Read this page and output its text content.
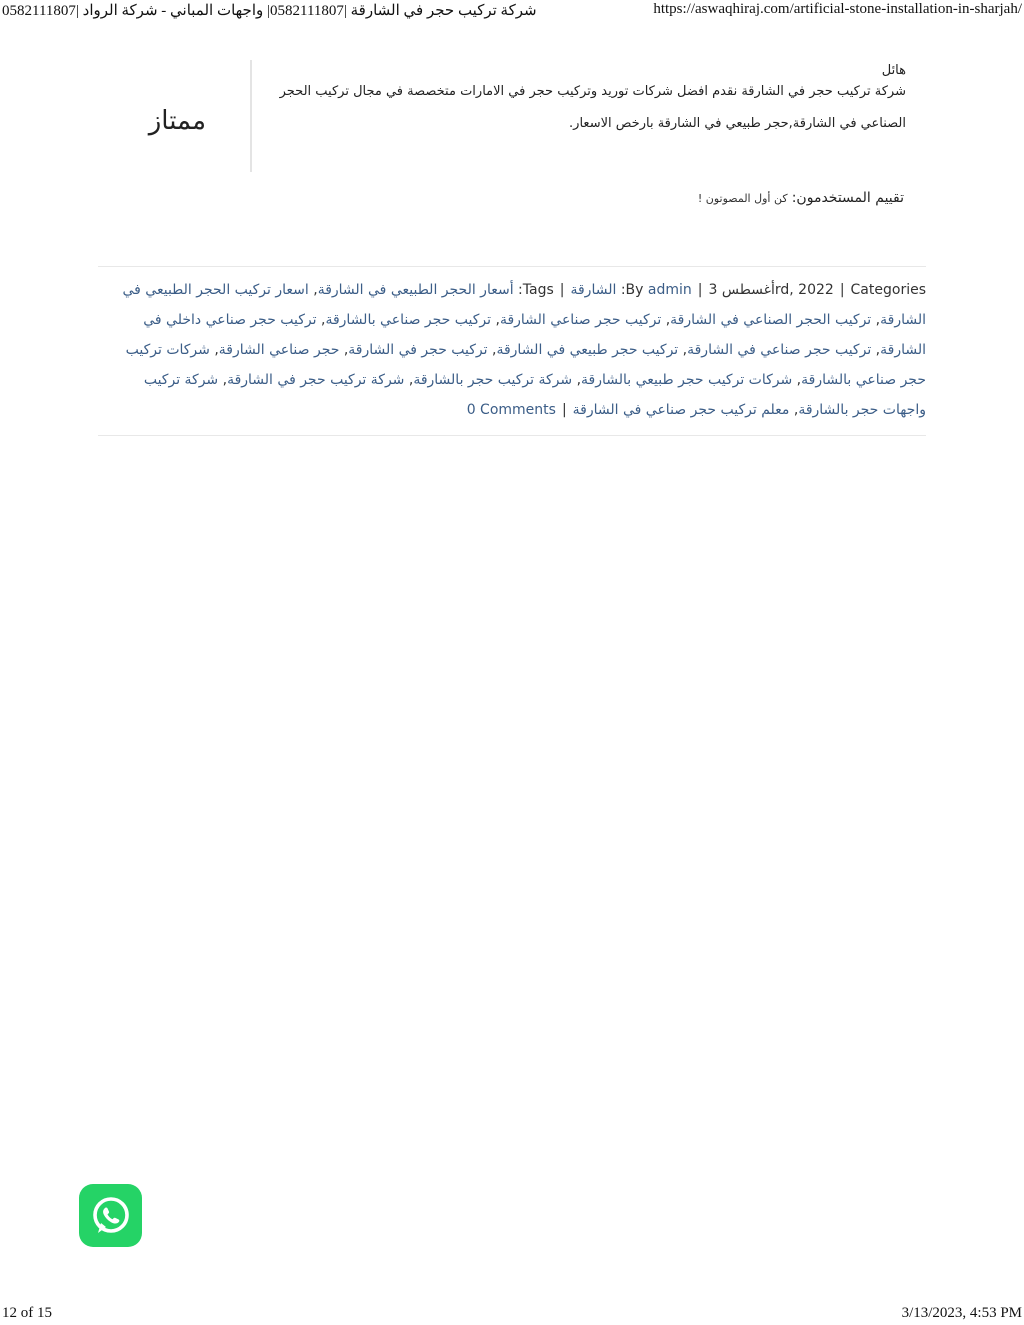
شركة تركيب حجر في الشارقة |0582111807| واجهات المباني - شركة الرواد |0582111807	https://aswaqhiraj.com/artificial-stone-installation-in-sharjah/
ممتاز
هائل
شركة تركيب حجر في الشارقة نقدم افضل شركات توريد وتركيب حجر في الامارات متخصصة في مجال تركيب الحجر الصناعي في الشارقة,حجر طبيعي في الشارقة بارخص الاسعار.
تقييم المستخدمون: كن أول المصوتون !
By admin | أغسطس 3rd, 2022 |Categories: الشارقة|Tags: أسعار الحجر الطبيعي في الشارقة, اسعار تركيب الحجر الطبيعي في الشارقة, تركيب الحجر الصناعي في الشارقة, تركيب حجر صناعي الشارقة, تركيب حجر صناعي بالشارقة, تركيب حجر صناعي داخلي في الشارقة, تركيب حجر صناعي في الشارقة, تركيب حجر طبيعي في الشارقة, تركيب حجر في الشارقة, حجر صناعي الشارقة, شركات تركيب حجر صناعي بالشارقة, شركات تركيب حجر طبيعي بالشارقة, شركة تركيب حجر بالشارقة, شركة تركيب حجر في الشارقة, شركة تركيب واجهات حجر بالشارقة, معلم تركيب حجر صناعي في الشارقة|0 Comments
12 of 15	3/13/2023, 4:53 PM
